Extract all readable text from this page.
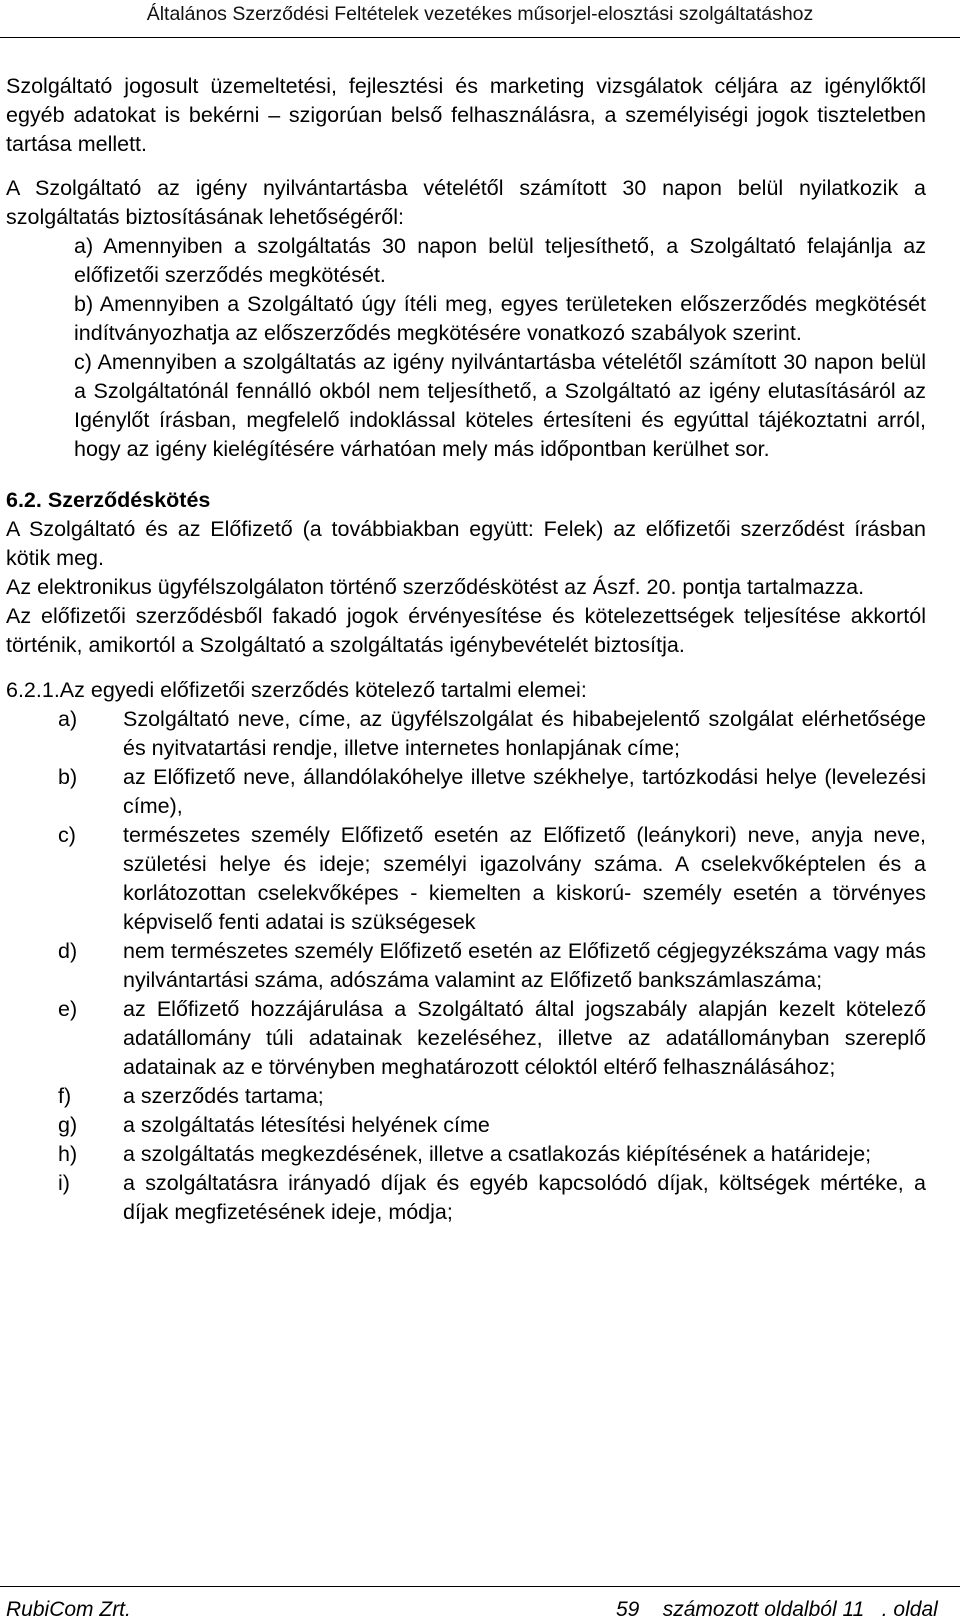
Általános Szerződési Feltételek vezetékes műsorjel-elosztási szolgáltatáshoz

Szolgáltató jogosult üzemeltetési, fejlesztési és marketing vizsgálatok céljára az igénylőktől egyéb adatokat is bekérni – szigorúan belső felhasználásra, a személyiségi jogok tiszteletben tartása mellett.

A Szolgáltató az igény nyilvántartásba vételétől számított 30 napon belül nyilatkozik a szolgáltatás biztosításának lehetőségéről:

a) Amennyiben a szolgáltatás 30 napon belül teljesíthető, a Szolgáltató felajánlja az előfizetői szerződés megkötését.

b) Amennyiben a Szolgáltató úgy ítéli meg, egyes területeken előszerződés megkötését indítványozhatja az előszerződés megkötésére vonatkozó szabályok szerint.

c) Amennyiben a szolgáltatás az igény nyilvántartásba vételétől számított 30 napon belül a Szolgáltatónál fennálló okból nem teljesíthető, a Szolgáltató az igény elutasításáról az Igénylőt írásban, megfelelő indoklással köteles értesíteni és egyúttal tájékoztatni arról, hogy az igény kielégítésére várhatóan mely más időpontban kerülhet sor.

6.2. Szerződéskötés

A Szolgáltató és az Előfizető (a továbbiakban együtt: Felek) az előfizetői szerződést írásban kötik meg.

Az elektronikus ügyfélszolgálaton történő szerződéskötést az Ászf. 20. pontja tartalmazza.

Az előfizetői szerződésből fakadó jogok érvényesítése és kötelezettségek teljesítése akkortól történik, amikortól a Szolgáltató a szolgáltatás igénybevételét biztosítja.

6.2.1.Az egyedi előfizetői szerződés kötelező tartalmi elemei:

a) Szolgáltató neve, címe, az ügyfélszolgálat és hibabejelentő szolgálat elérhetősége és nyitvatartási rendje, illetve internetes honlapjának címe;
b) az Előfizető neve, állandólakóhelye illetve székhelye, tartózkodási helye (levelezési címe),
c) természetes személy Előfizető esetén az Előfizető (leánykori) neve, anyja neve, születési helye és ideje; személyi igazolvány száma. A cselekvőképtelen és a korlátozottan cselekvőképes - kiemelten a kiskorú- személy esetén a törvényes képviselő fenti adatai is szükségesek
d) nem természetes személy Előfizető esetén az Előfizető cégjegyzékszáma vagy más nyilvántartási száma, adószáma valamint az Előfizető bankszámlaszáma;
e) az Előfizető hozzájárulása a Szolgáltató által jogszabály alapján kezelt kötelező adatállomány túli adatainak kezeléséhez, illetve az adatállományban szereplő adatainak az e törvényben meghatározott céloktól eltérő felhasználásához;
f) a szerződés tartama;
g) a szolgáltatás létesítési helyének címe
h) a szolgáltatás megkezdésének, illetve a csatlakozás kiépítésének a határideje;
i) a szolgáltatásra irányadó díjak és egyéb kapcsolódó díjak, költségek mértéke, a díjak megfizetésének ideje, módja;
RubiCom Zrt.	59    számozott oldalból 11   . oldal
